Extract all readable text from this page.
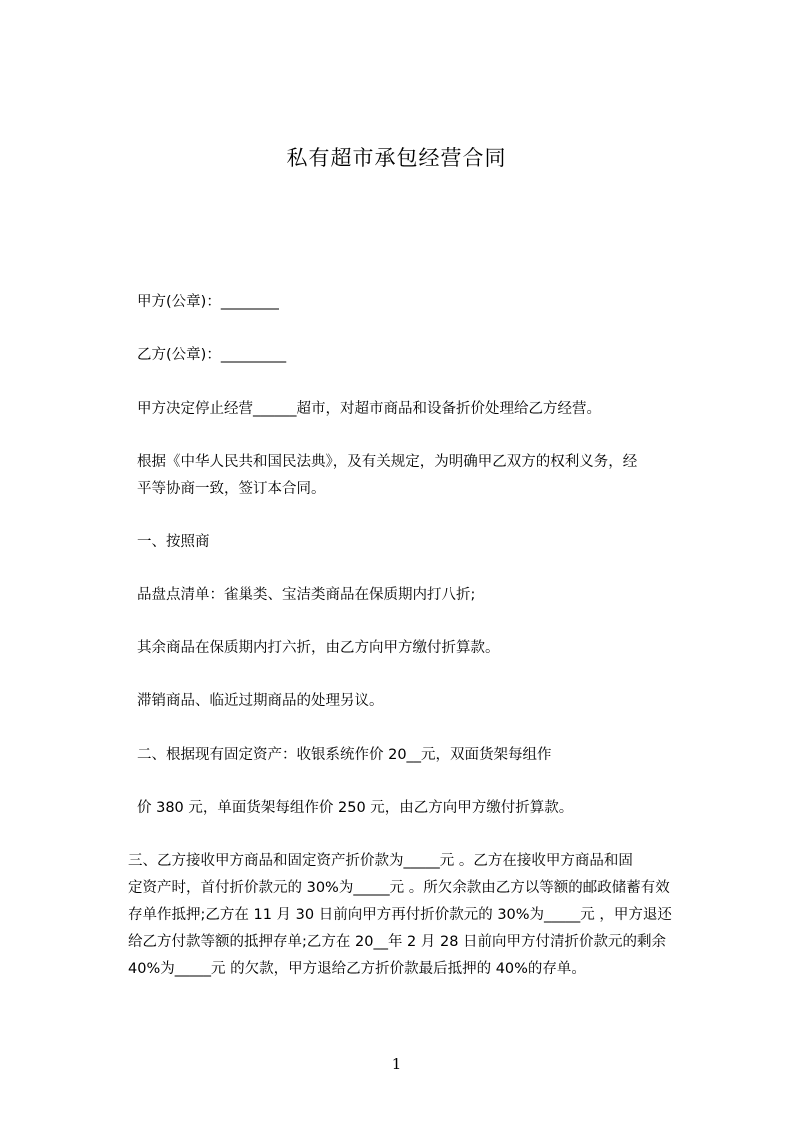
私有超市承包经营合同
甲方(公章)：________
乙方(公章)：_________
甲方决定停止经营______超市，对超市商品和设备折价处理给乙方经营。
根据《中华人民共和国民法典》，及有关规定，为明确甲乙双方的权利义务，经
平等协商一致，签订本合同。
一、按照商
品盘点清单：雀巢类、宝洁类商品在保质期内打八折;
其余商品在保质期内打六折，由乙方向甲方缴付折算款。
滞销商品、临近过期商品的处理另议。
二、根据现有固定资产：收银系统作价 20__元，双面货架每组作
价 380 元，单面货架每组作价 250 元，由乙方向甲方缴付折算款。
三、乙方接收甲方商品和固定资产折价款为_____元 。乙方在接收甲方商品和固
定资产时，首付折价款元的 30%为_____元 。所欠余款由乙方以等额的邮政储蓄有效
存单作抵押;乙方在 11 月 30 日前向甲方再付折价款元的 30%为_____元 ，甲方退还
给乙方付款等额的抵押存单;乙方在 20__年 2 月 28 日前向甲方付清折价款元的剩余
40%为_____元 的欠款，甲方退给乙方折价款最后抵押的 40%的存单。
1
